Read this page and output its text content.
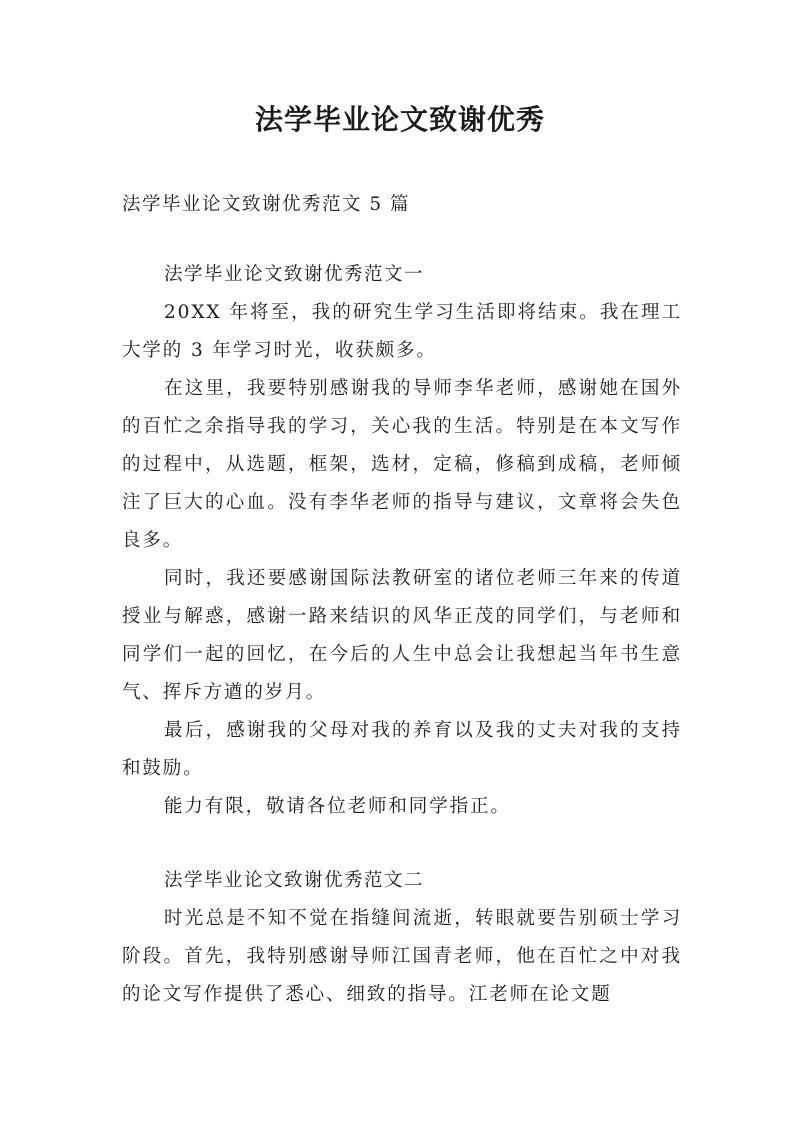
法学毕业论文致谢优秀

法学毕业论文致谢优秀范文 5 篇

法学毕业论文致谢优秀范文一

20XX 年将至，我的研究生学习生活即将结束。我在理工大学的 3 年学习时光，收获颇多。

在这里，我要特别感谢我的导师李华老师，感谢她在国外的百忙之余指导我的学习，关心我的生活。特别是在本文写作的过程中，从选题，框架，选材，定稿，修稿到成稿，老师倾注了巨大的心血。没有李华老师的指导与建议，文章将会失色良多。

同时，我还要感谢国际法教研室的诸位老师三年来的传道授业与解惑，感谢一路来结识的风华正茂的同学们，与老师和同学们一起的回忆，在今后的人生中总会让我想起当年书生意气、挥斥方遒的岁月。

最后，感谢我的父母对我的养育以及我的丈夫对我的支持和鼓励。

能力有限，敬请各位老师和同学指正。

法学毕业论文致谢优秀范文二

时光总是不知不觉在指缝间流逝，转眼就要告别硕士学习阶段。首先，我特别感谢导师江国青老师，他在百忙之中对我的论文写作提供了悉心、细致的指导。江老师在论文题
